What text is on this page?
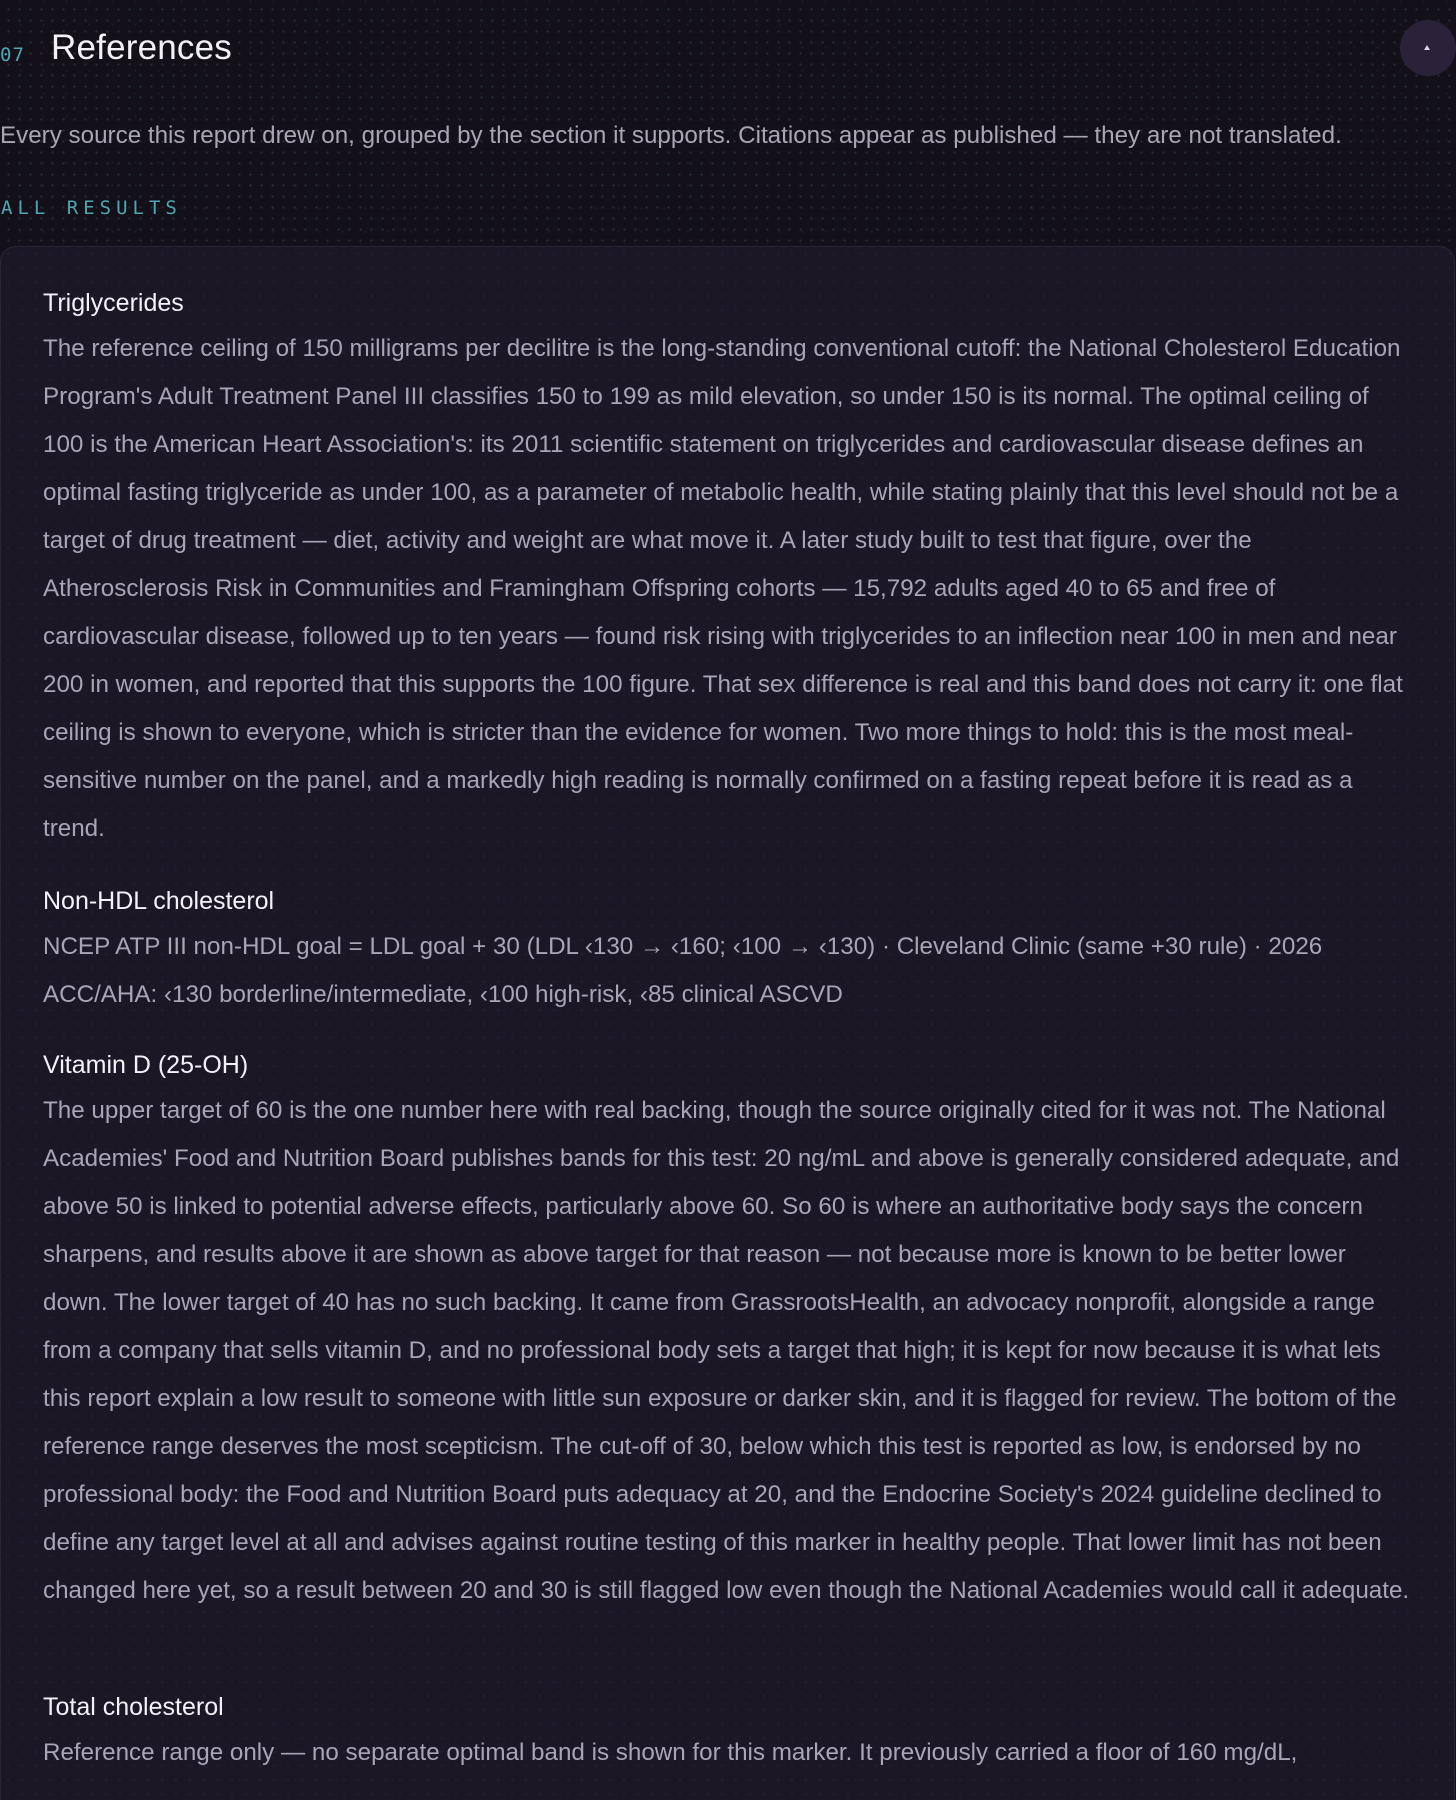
07 References

Every source this report drew on, grouped by the section it supports. Citations appear as published — they are not translated.

ALL RESULTS
Triglycerides

The reference ceiling of 150 milligrams per decilitre is the long-standing conventional cutoff: the National Cholesterol Education Program's Adult Treatment Panel III classifies 150 to 199 as mild elevation, so under 150 is its normal. The optimal ceiling of 100 is the American Heart Association's: its 2011 scientific statement on triglycerides and cardiovascular disease defines an optimal fasting triglyceride as under 100, as a parameter of metabolic health, while stating plainly that this level should not be a target of drug treatment — diet, activity and weight are what move it. A later study built to test that figure, over the Atherosclerosis Risk in Communities and Framingham Offspring cohorts — 15,792 adults aged 40 to 65 and free of cardiovascular disease, followed up to ten years — found risk rising with triglycerides to an inflection near 100 in men and near 200 in women, and reported that this supports the 100 figure. That sex difference is real and this band does not carry it: one flat ceiling is shown to everyone, which is stricter than the evidence for women. Two more things to hold: this is the most meal-sensitive number on the panel, and a markedly high reading is normally confirmed on a fasting repeat before it is read as a trend.

Non-HDL cholesterol

NCEP ATP III non-HDL goal = LDL goal + 30 (LDL ‹130 → ‹160; ‹100 → ‹130) · Cleveland Clinic (same +30 rule) · 2026 ACC/AHA: ‹130 borderline/intermediate, ‹100 high-risk, ‹85 clinical ASCVD

Vitamin D (25-OH)

The upper target of 60 is the one number here with real backing, though the source originally cited for it was not. The National Academies' Food and Nutrition Board publishes bands for this test: 20 ng/mL and above is generally considered adequate, and above 50 is linked to potential adverse effects, particularly above 60. So 60 is where an authoritative body says the concern sharpens, and results above it are shown as above target for that reason — not because more is known to be better lower down. The lower target of 40 has no such backing. It came from GrassrootsHealth, an advocacy nonprofit, alongside a range from a company that sells vitamin D, and no professional body sets a target that high; it is kept for now because it is what lets this report explain a low result to someone with little sun exposure or darker skin, and it is flagged for review. The bottom of the reference range deserves the most scepticism. The cut-off of 30, below which this test is reported as low, is endorsed by no professional body: the Food and Nutrition Board puts adequacy at 20, and the Endocrine Society's 2024 guideline declined to define any target level at all and advises against routine testing of this marker in healthy people. That lower limit has not been changed here yet, so a result between 20 and 30 is still flagged low even though the National Academies would call it adequate.

Total cholesterol

Reference range only — no separate optimal band is shown for this marker. It previously carried a floor of 160 mg/dL,
